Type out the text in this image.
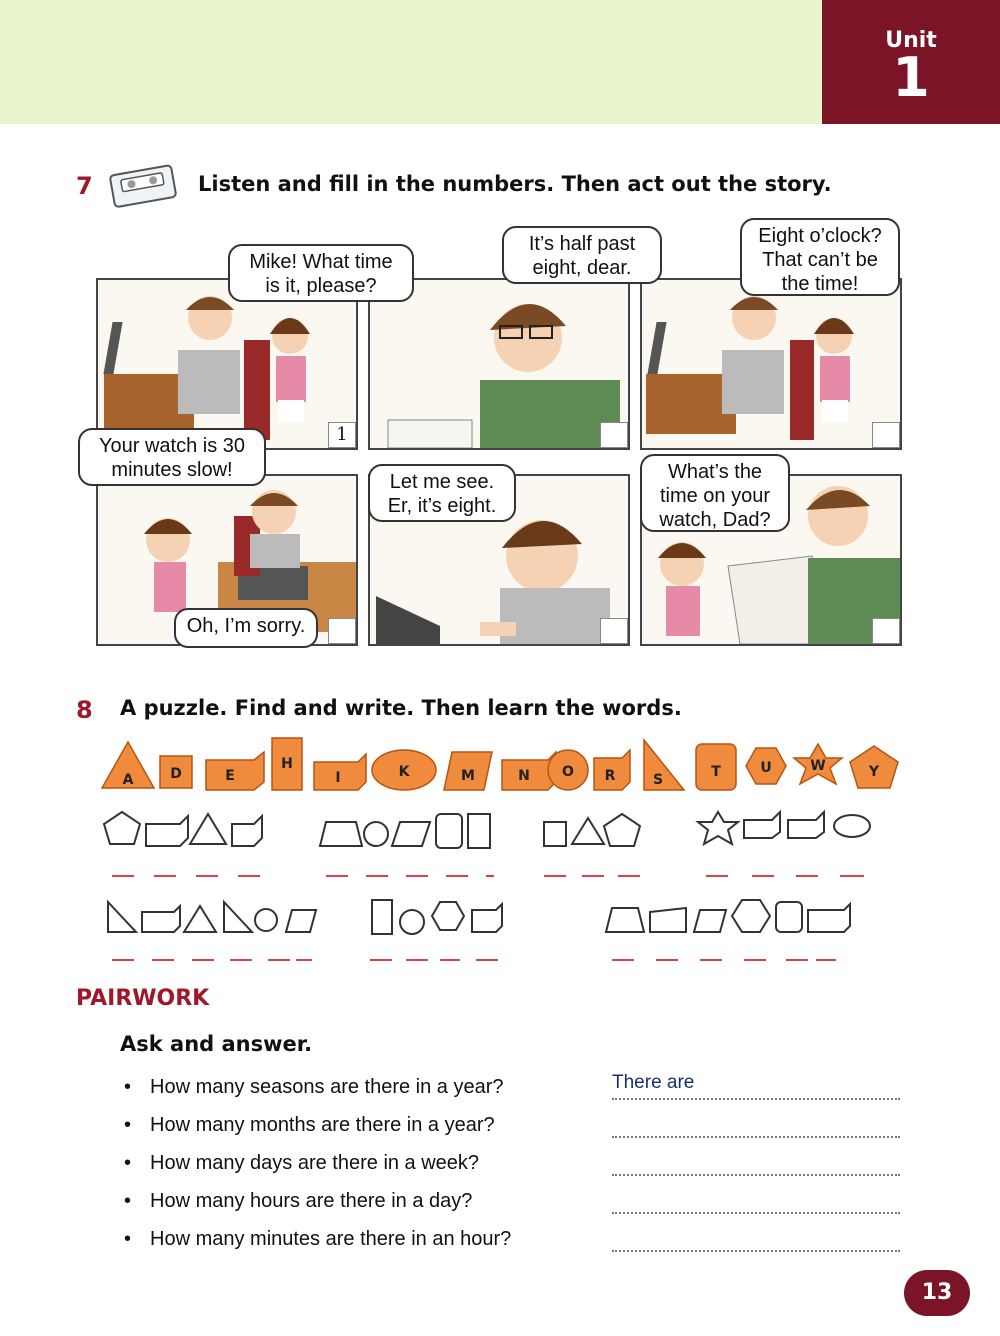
Unit
1
7	Listen and fill in the numbers. Then act out the story.
1
Mike! What time
is it, please?
It’s half past
eight, dear.
Eight o’clock?
That can’t be
the time!
Your watch is 30
minutes slow!
Oh, I’m sorry.
Let me see.
Er, it’s eight.
What’s the
time on your
watch, Dad?
8 A puzzle. Find and write. Then learn the words.
A	D	E
H
I	K	M	N O R	S	T	U	W	Y
PAIRWORK
Ask and answer.
• How many seasons are there in a year?
• How many months are there in a year?
• How many days are there in a week?
• How many hours are there in a day?
• How many minutes are there in an hour?
There are
13
